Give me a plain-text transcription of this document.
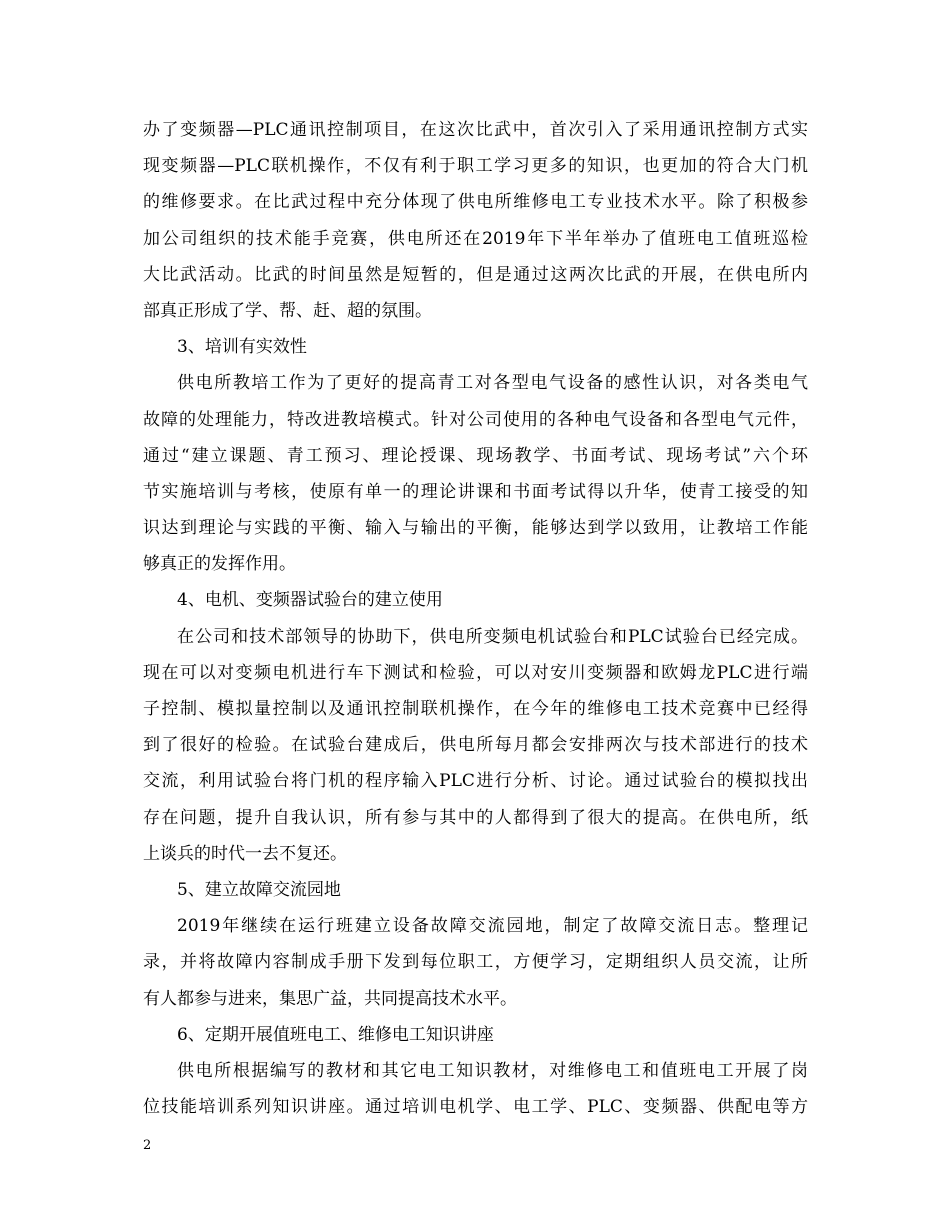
办了变频器—PLC通讯控制项目，在这次比武中，首次引入了采用通讯控制方式实
现变频器—PLC联机操作，不仅有利于职工学习更多的知识，也更加的符合大门机
的维修要求。在比武过程中充分体现了供电所维修电工专业技术水平。除了积极参
加公司组织的技术能手竞赛，供电所还在2019年下半年举办了值班电工值班巡检
大比武活动。比武的时间虽然是短暂的，但是通过这两次比武的开展，在供电所内
部真正形成了学、帮、赶、超的氛围。
3、培训有实效性
供电所教培工作为了更好的提高青工对各型电气设备的感性认识，对各类电气
故障的处理能力，特改进教培模式。针对公司使用的各种电气设备和各型电气元件，
通过“建立课题、青工预习、理论授课、现场教学、书面考试、现场考试”六个环
节实施培训与考核，使原有单一的理论讲课和书面考试得以升华，使青工接受的知
识达到理论与实践的平衡、输入与输出的平衡，能够达到学以致用，让教培工作能
够真正的发挥作用。
4、电机、变频器试验台的建立使用
在公司和技术部领导的协助下，供电所变频电机试验台和PLC试验台已经完成。
现在可以对变频电机进行车下测试和检验，可以对安川变频器和欧姆龙PLC进行端
子控制、模拟量控制以及通讯控制联机操作，在今年的维修电工技术竞赛中已经得
到了很好的检验。在试验台建成后，供电所每月都会安排两次与技术部进行的技术
交流，利用试验台将门机的程序输入PLC进行分析、讨论。通过试验台的模拟找出
存在问题，提升自我认识，所有参与其中的人都得到了很大的提高。在供电所，纸
上谈兵的时代一去不复还。
5、建立故障交流园地
2019年继续在运行班建立设备故障交流园地，制定了故障交流日志。整理记
录，并将故障内容制成手册下发到每位职工，方便学习，定期组织人员交流，让所
有人都参与进来，集思广益，共同提高技术水平。
6、定期开展值班电工、维修电工知识讲座
供电所根据编写的教材和其它电工知识教材，对维修电工和值班电工开展了岗
位技能培训系列知识讲座。通过培训电机学、电工学、PLC、变频器、供配电等方
2
